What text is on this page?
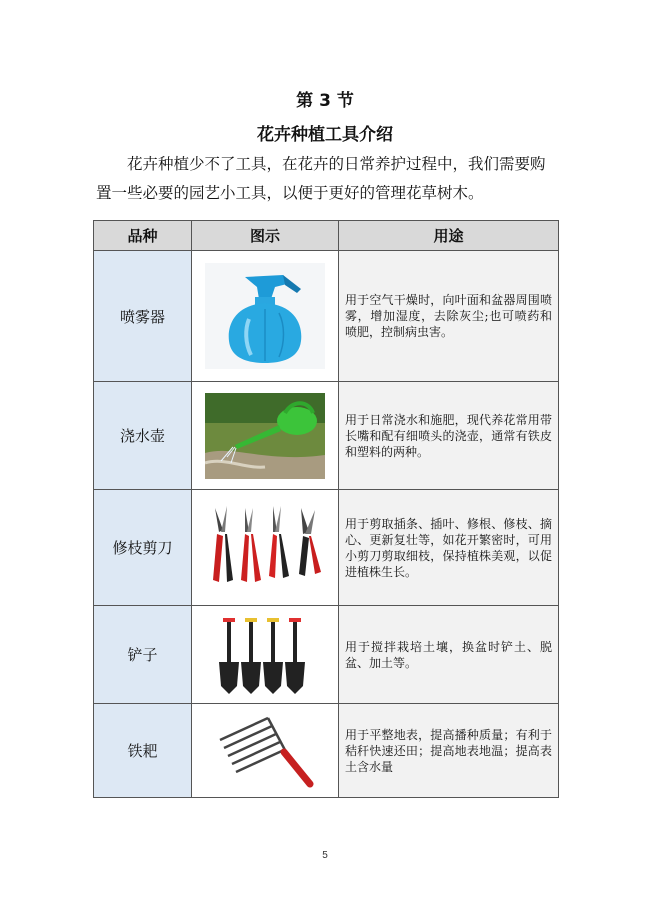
第 3 节
花卉种植工具介绍

花卉种植少不了工具，在花卉的日常养护过程中，我们需要购置一些必要的园艺小工具，以便于更好的管理花草树木。

品种	图示	用途
喷雾器		用于空气干燥时，向叶面和盆器周围喷雾，增加湿度，去除灰尘;也可喷药和喷肥，控制病虫害。
浇水壶		用于日常浇水和施肥，现代养花常用带长嘴和配有细喷头的浇壶，通常有铁皮和塑料的两种。
修枝剪刀		用于剪取插条、插叶、修根、修枝、摘心、更新复壮等，如花开繁密时，可用小剪刀剪取细枝，保持植株美观，以促进植株生长。
铲子		用于搅拌栽培土壤，换盆时铲土、脱盆、加土等。
铁耙		用于平整地表，提高播种质量；有利于秸秆快速还田；提高地表地温；提高表土含水量
5
